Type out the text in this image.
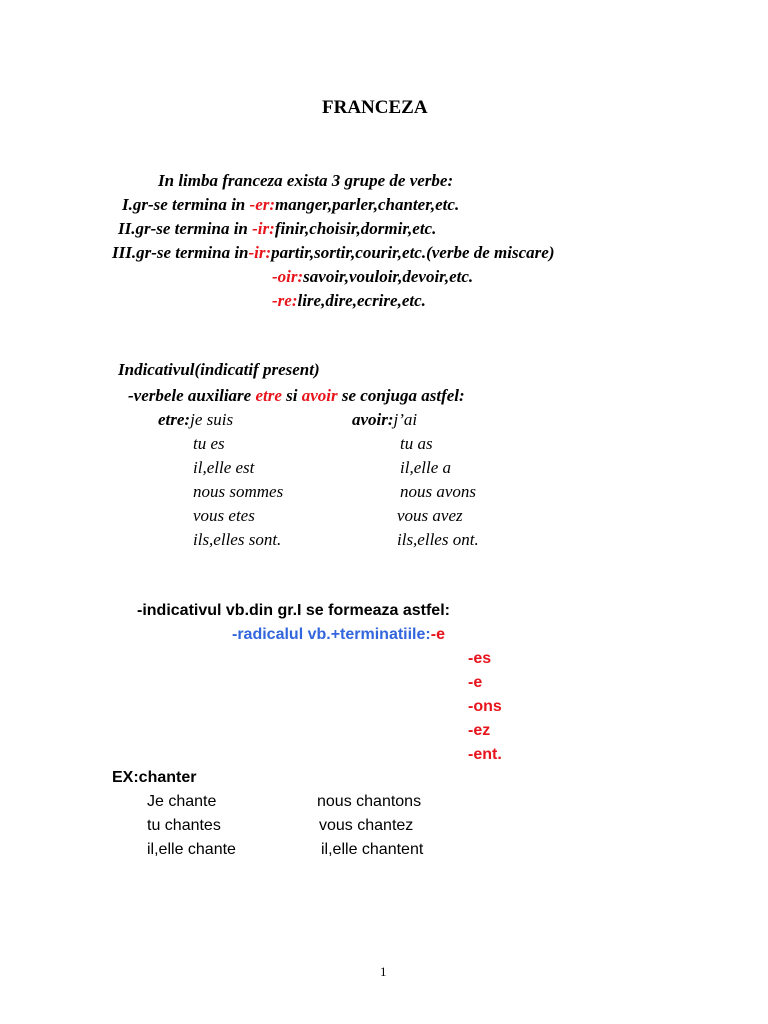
FRANCEZA
In limba franceza exista 3 grupe de verbe:
I.gr-se termina in -er:manger,parler,chanter,etc.
II.gr-se termina in -ir:finir,choisir,dormir,etc.
III.gr-se termina in-ir:partir,sortir,courir,etc.(verbe de miscare)
-oir:savoir,vouloir,devoir,etc.
-re:lire,dire,ecrire,etc.
Indicativul(indicatif present)
-verbele auxiliare etre si avoir se conjuga astfel:
etre:je suis	avoir:j’ai
tu es	tu as
il,elle est	il,elle a
nous sommes	nous avons
vous etes	vous avez
ils,elles sont.	ils,elles ont.
-indicativul vb.din gr.I se formeaza astfel:
-radicalul vb.+terminatiile:-e
-es
-e
-ons
-ez
-ent.
EX:chanter
Je chante	nous chantons
tu chantes	vous chantez
il,elle chante	il,elle chantent
1
